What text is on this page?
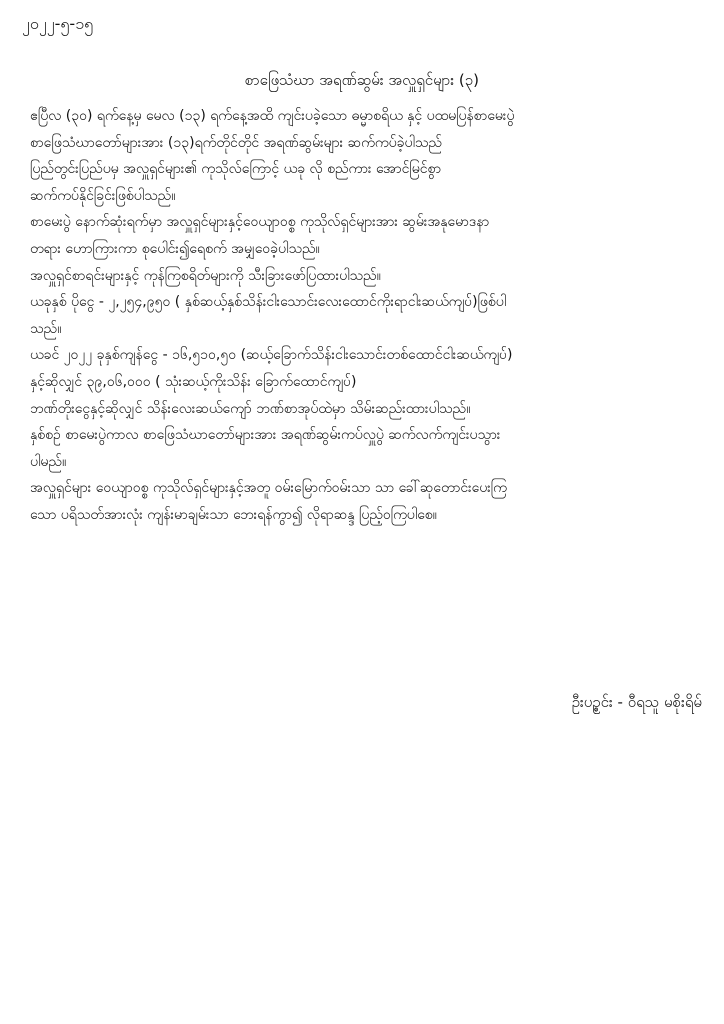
၂၀၂၂-၅-၁၅
စာဖြေသံဃာ အရဏ်ဆွမ်း အလှူရှင်များ (၃)
ဧပြီလ (၃၀) ရက်နေ့မှ မေလ (၁၃) ရက်နေ့အထိ ကျင်းပခဲ့သော ဓမ္မာစရိယ နှင့် ပထမပြန်စာမေးပွဲ
စာဖြေသံဃာတော်များအား (၁၃)ရက်တိုင်တိုင် အရဏ်ဆွမ်းများ ဆက်ကပ်ခဲ့ပါသည်
ပြည်တွင်းပြည်ပမှ အလှူရှင်များ၏ ကုသိုလ်ကြောင့် ယခု လို စည်ကား အောင်မြင်စွာ
ဆက်ကပ်နိုင်ခြင်းဖြစ်ပါသည်။
စာမေးပွဲ နောက်ဆုံးရက်မှာ အလှူရှင်များနှင့်ဝေယျာဝစ္စ ကုသိုလ်ရှင်များအား ဆွမ်းအနုမောဒနာ
တရား ဟောကြားကာ စုပေါင်း၍ရေစက် အမျှဝေခဲ့ပါသည်။
အလှူရှင်စာရင်းများနှင့် ကုန်ကြစရိတ်များကို သီးခြားဖော်ပြထားပါသည်။
ယခုနှစ် ပိုငွေ - ၂,၂၅၄,၉၅၀ ( နှစ်ဆယ့်နှစ်သိန်းငါးသောင်းလေးထောင်ကိုးရာငါးဆယ်ကျပ်)ဖြစ်ပါ
သည်။
ယခင် ၂၀၂၂ ခုနှစ်ကျန်ငွေ - ၁၆,၅၁၀,၅၀ (ဆယ့်ခြောက်သိန်းငါးသောင်းတစ်ထောင်ငါးဆယ်ကျပ်)
နှင့်ဆိုလျှင် ၃၉,၀၆,၀၀၀ ( သုံးဆယ့်ကိုးသိန်း ခြောက်ထောင်ကျပ်)
ဘဏ်တိုးငွေနှင့်ဆိုလျှင် သိန်းလေးဆယ်ကျော် ဘဏ်စာအုပ်ထဲမှာ သိမ်းဆည်းထားပါသည်။
နှစ်စဉ် စာမေးပွဲကာလ စာဖြေသံဃာတော်များအား အရဏ်ဆွမ်းကပ်လှူပွဲ ဆက်လက်ကျင်းပသွား
ပါမည်။
အလှူရှင်များ ဝေယျာဝစ္စ ကုသိုလ်ရှင်များနှင့်အတူ ဝမ်းမြောက်ဝမ်းသာ သာ ခေါ်ဆုတောင်းပေးကြ
သော ပရိသတ်အားလုံး ကျန်းမာချမ်းသာ ဘေးရန်ကွာ၍ လိုရာဆန္ဒ ပြည့်ဝကြပါစေ။
ဦးပဥ္စင်း - ဝီရသူ မစိုးရိမ်
